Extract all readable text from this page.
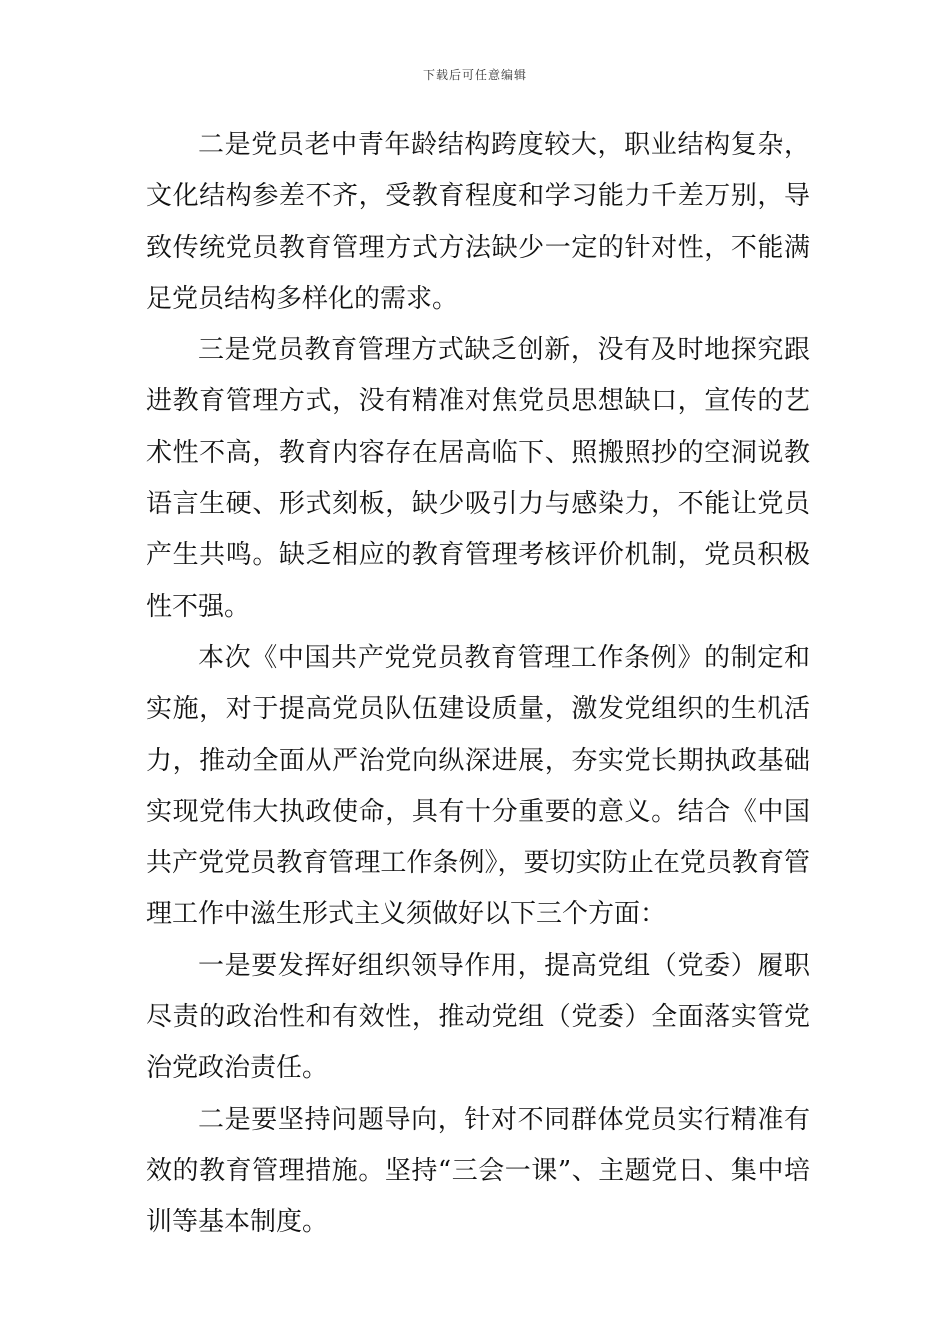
下载后可任意编辑

二是党员老中青年龄结构跨度较大，职业结构复杂，文化结构参差不齐，受教育程度和学习能力千差万别，导致传统党员教育管理方式方法缺少一定的针对性，不能满足党员结构多样化的需求。

三是党员教育管理方式缺乏创新，没有及时地探究跟进教育管理方式，没有精准对焦党员思想缺口，宣传的艺术性不高，教育内容存在居高临下、照搬照抄的空洞说教语言生硬、形式刻板，缺少吸引力与感染力，不能让党员产生共鸣。缺乏相应的教育管理考核评价机制，党员积极性不强。

本次《中国共产党党员教育管理工作条例》的制定和实施，对于提高党员队伍建设质量，激发党组织的生机活力，推动全面从严治党向纵深进展，夯实党长期执政基础实现党伟大执政使命，具有十分重要的意义。结合《中国共产党党员教育管理工作条例》，要切实防止在党员教育管理工作中滋生形式主义须做好以下三个方面：

一是要发挥好组织领导作用，提高党组（党委）履职尽责的政治性和有效性，推动党组（党委）全面落实管党治党政治责任。

二是要坚持问题导向，针对不同群体党员实行精准有效的教育管理措施。坚持“三会一课”、主题党日、集中培训等基本制度。
